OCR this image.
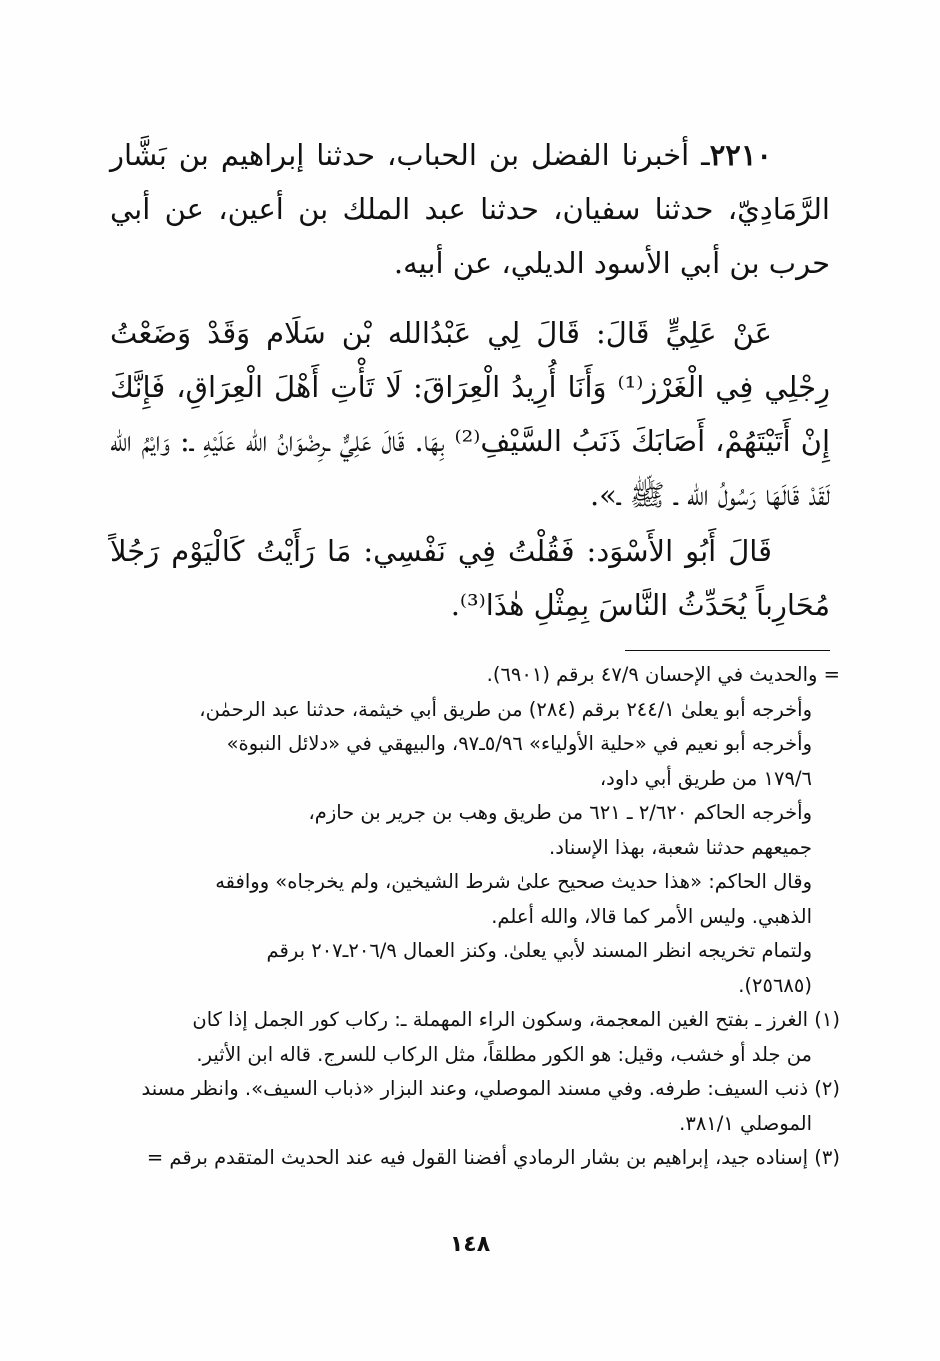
٢٢١٠ـ أخبرنا الفضل بن الحباب، حدثنا إبراهيم بن بَشَّار الرَّمَادِيّ، حدثنا سفيان، حدثنا عبد الملك بن أعين، عن أبي حرب بن أبي الأسود الديلي، عن أبيه.

عَنْ عَلِيٍّ قَالَ: قَالَ لِي عَبْدُالله بْن سَلَام وَقَدْ وَضَعْتُ رِجْلِي فِي الْغَرْز⁽¹⁾ وَأَنَا أُرِيدُ الْعِرَاقَ: لَا تَأْتِ أَهْلَ الْعِرَاقِ، فَإِنَّكَ إِنْ أَتَيْتَهُمْ، أَصَابَكَ ذَنَبُ السَّيْفِ⁽²⁾ بِهَا. قَالَ عَلِيٌّ ـرِضْوَانُ الله عَلَيْهِ ـ: وَايْمُ الله لَقَدْ قَالَهَا رَسُولُ الله ـ ﷺ ـ».

قَالَ أَبُو الأَسْوَد: فَقُلْتُ فِي نَفْسِي: مَا رَأَيْتُ كَالْيَوْم رَجُلاً مُحَارِباً يُحَدِّثُ النَّاسَ بِمِثْلِ هٰذَا⁽³⁾.

= والحديث في الإحسان ٤٧/٩ برقم (٦٩٠١).

وأخرجه أبو يعلىٰ ٢٤٤/١ برقم (٢٨٤) من طريق أبي خيثمة، حدثنا عبد الرحمٰن،

وأخرجه أبو نعيم في «حلية الأولياء» ٥/٩٦ـ٩٧، والبيهقي في «دلائل النبوة»

١٧٩/٦ من طريق أبي داود،

وأخرجه الحاكم ٢/٦٢٠ ـ ٦٢١ من طريق وهب بن جرير بن حازم،

جميعهم حدثنا شعبة، بهذا الإسناد.

وقال الحاكم: «هذا حديث صحيح علىٰ شرط الشيخين، ولم يخرجاه» ووافقه

الذهبي. وليس الأمر كما قالا، والله أعلم.

ولتمام تخريجه انظر المسند لأبي يعلىٰ. وكنز العمال ٢٠٦/٩ـ٢٠٧ برقم

(٢٥٦٨٥).

(١) الغرز ـ بفتح الغين المعجمة، وسكون الراء المهملة ـ: ركاب كور الجمل إذا كان

من جلد أو خشب، وقيل: هو الكور مطلقاً، مثل الركاب للسرج. قاله ابن الأثير.

(٢) ذنب السيف: طرفه. وفي مسند الموصلي، وعند البزار «ذباب السيف». وانظر مسند

الموصلي ٣٨١/١.

(٣) إسناده جيد، إبراهيم بن بشار الرمادي أفضنا القول فيه عند الحديث المتقدم برقم =

١٤٨
